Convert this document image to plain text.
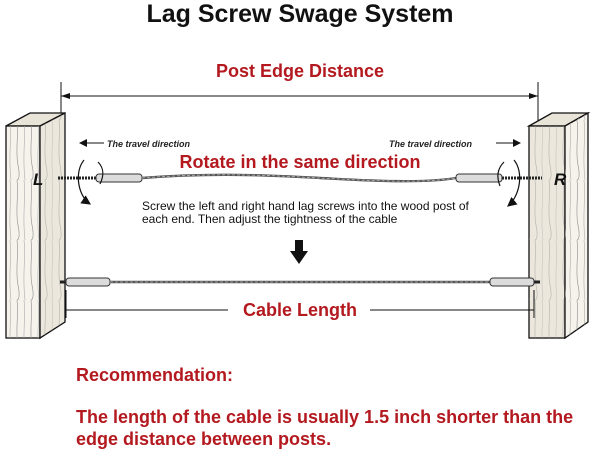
Lag Screw Swage System
Post Edge Distance
The travel direction	The travel direction
Rotate in the same direction
L	R
Screw the left and right hand lag screws into the wood post of each end. Then adjust the tightness of the cable
Cable Length
Recommendation:
The length of the cable is usually 1.5 inch shorter than the edge distance between posts.
